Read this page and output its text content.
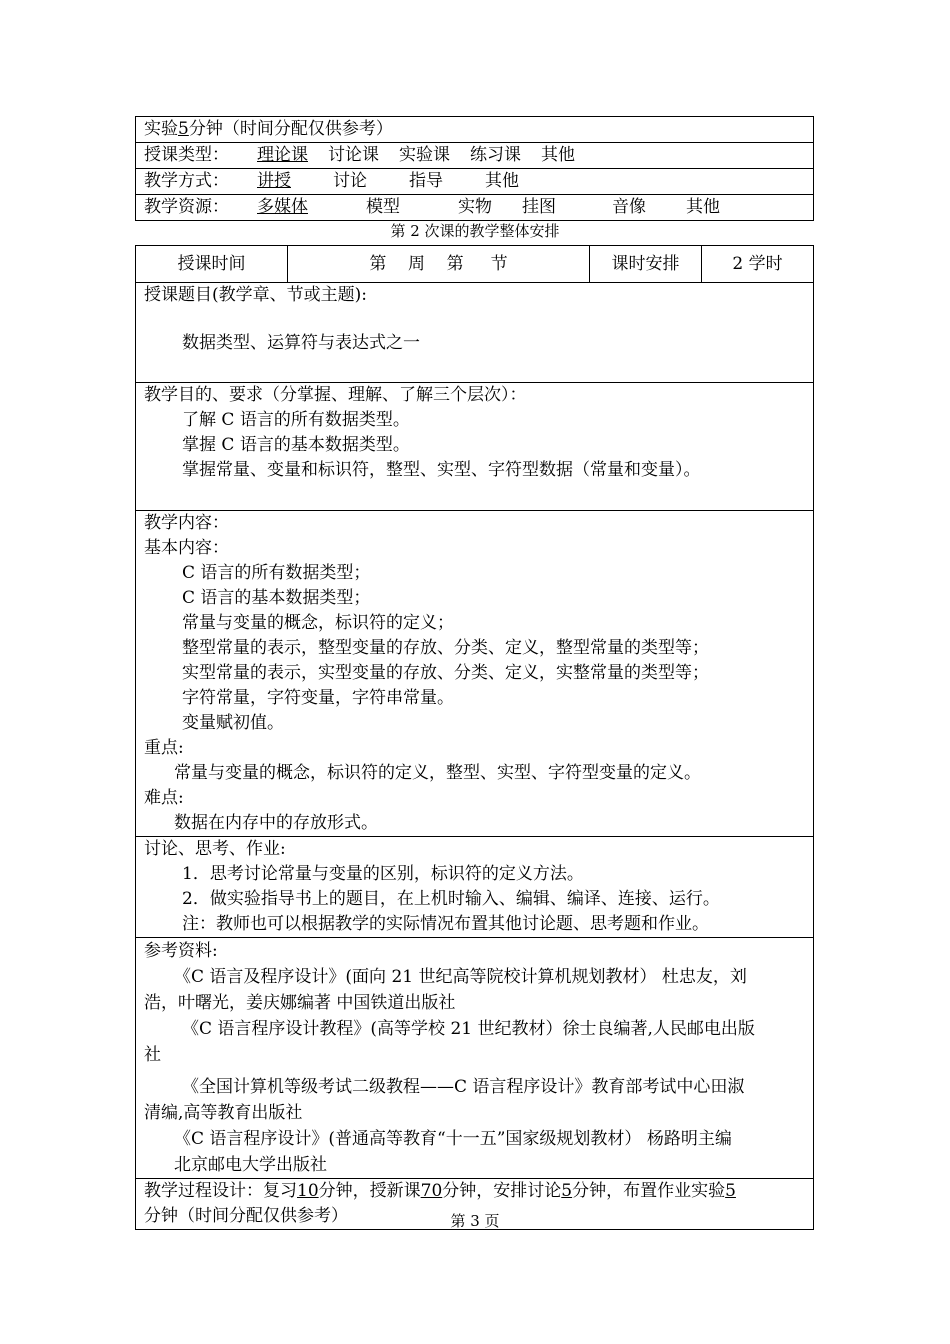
实验5分钟（时间分配仅供参考）
授课类型： 理论课 讨论课 实验课 练习课 其他
教学方式： 讲授 讨论 指导 其他
教学资源： 多媒体	模型	实物 挂图	音像 其他
第 2 次课的教学整体安排
授课时间	第    周    第     节	课时安排	2 学时

授课题目(教学章、节或主题):
数据类型、运算符与表达式之一

教学目的、要求（分掌握、理解、了解三个层次）：
了解 C 语言的所有数据类型。
掌握 C 语言的基本数据类型。
掌握常量、变量和标识符，整型、实型、字符型数据（常量和变量）。

教学内容：
基本内容：
C 语言的所有数据类型；
C 语言的基本数据类型；
常量与变量的概念，标识符的定义；
整型常量的表示，整型变量的存放、分类、定义，整型常量的类型等；
实型常量的表示，实型变量的存放、分类、定义，实整常量的类型等；
字符常量，字符变量，字符串常量。
变量赋初值。
重点:
常量与变量的概念，标识符的定义，整型、实型、字符型变量的定义。
难点:
数据在内存中的存放形式。

讨论、思考、作业:
1．思考讨论常量与变量的区别，标识符的定义方法。
2．做实验指导书上的题目，在上机时输入、编辑、编译、连接、运行。
注：教师也可以根据教学的实际情况布置其他讨论题、思考题和作业。

参考资料:
《C 语言及程序设计》(面向 21 世纪高等院校计算机规划教材） 杜忠友，刘
浩，叶曙光，姜庆娜编著 中国铁道出版社
《C 语言程序设计教程》(高等学校 21 世纪教材）徐士良编著,人民邮电出版
社
《全国计算机等级考试二级教程——C 语言程序设计》教育部考试中心田淑
清编,高等教育出版社
《C 语言程序设计》(普通高等教育“十一五”国家级规划教材） 杨路明主编
北京邮电大学出版社

教学过程设计：复习10分钟，授新课70分钟，安排讨论5分钟，布置作业实验5
分钟（时间分配仅供参考）	第 3 页
